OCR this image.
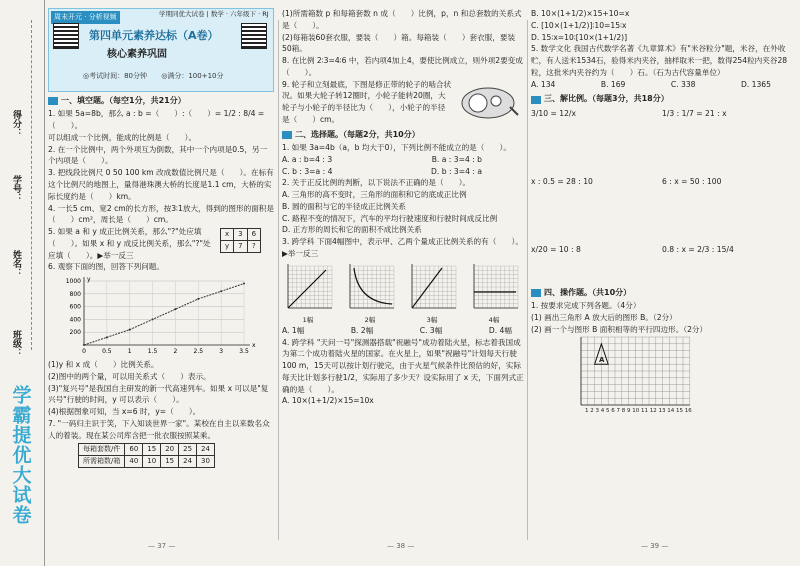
得分：
学号：
姓名：
班级：
学霸提优大试卷
周末开元 · 分析视频	学期同优大试卷 | 数学 · 六年级下 · RJ
第四单元素养达标（A卷）
核心素养巩固
◎考试时间：80分钟 ◎满分：100+10分
一、填空题。（每空1分，共21分）

1. 如果 5a=8b，那么 a : b =（　　）:（　　）= 1/2 : 8/4 = （　　）。

可以组成一个比例，能成的比例是（　　）。

2. 在一个比例中，两个外项互为倒数，其中一个内项是0.5，另一个内项是（　　）。

3. 把线段比例尺 0 50 100 km 改成数值比例尺是（　　）。在标有这个比例尺的地图上，量得港珠澳大桥的长度是1.1 cm，大桥的实际长度约是（　　）km。

4. 一长5 cm、宽2 cm的长方形，按3∶1放大，得到的图形的面积是（　　）cm²，周长是（　　）cm。

5. 如果 a 和 y 成正比例关系，那么"?"处应填（　　）。如果 x 和 y 成反比例关系，那么"?"处应填（　　）。▶举一反三

x	3	6
y	7	?

6. 观察下面的图，回答下列问题。

200
400
600
800
1000
0	0.5	1	1.5	2	2.5	3	3.5
x
y

(1)y 和 x 成（　　）比例关系。

(2)图中的两个量，可以用关系式（　　）表示。

(3)"复兴号"是我国自主研发的新一代高速列车。如果 x 可以是"复兴号"行驶的时间，y 可以表示（　　）。

(4)根据图象可知，当 x=6 时，y=（　　）。

7. "一码归主识于笑，下入知谈世界一家"。某校在自主以来数名众人的着装。现在某公司库含把一批衣服按照某乘。

每箱套数/件	60	15	20	25	24
所需箱数/箱	40	10	15	24	30
— 37 —

(1)所需箱数 p 和每箱套数 n 成（　　）比例，p，n 和总套数的关系式是（　　）。

(2)每箱装60套衣服，要装（　　）箱。每箱装（　　）套衣服，要装50箱。

8. 在比例 2∶3=4∶6 中，若内项4加上4，要使比例成立，则外项2要变成（　　）。

9. 轮子和立刻最底，下图是修正带的轮子的啮合状况。如果大轮子转12圈时，小轮子能转20圈，大轮子与小轮子的半径比为（　　），小轮子的半径是（　　）cm。

二、选择题。（每题2分，共10分）

1. 如果 3a=4b（a，b 均大于0），下列比例不能成立的是（　　）。

A. a : b=4 : 3	B. a : 3=4 : b
C. b : 3=a : 4	D. b : 3=4 : a

2. 关于正反比例的判断，以下说法不正确的是（　　）。

A. 三角形的高不变时，三角形的面积和它的底成正比例

B. 圆的面积与它的半径成正比例关系

C. 路程不变的情况下，汽车的平均行驶速度和行驶时间成反比例

D. 正方形的周长和它的面积不成比例关系

3. 跨学科 下面4幅图中，表示甲、乙两个量成正比例关系的有（　　）。▶举一反三

1幅	2幅	3幅	4幅
A. 1幅	B. 2幅	C. 3幅	D. 4幅

4. 跨学科 "天问一号"探测器搭载"祝融号"成功着陆火星，标志着我国成为第二个成功着陆火星的国家。在火星上，如果"祝融号"计划每天行驶100 m，15天可以按计划行驶完，由于火星气候条件比预估的好，实际每天比计划多行驶1/2，实际用了多少天？设实际用了 x 天，下面列式正确的是（　　）。

A. 10×(1+1/2)×15=10x

— 38 —

B. 10×(1+1/2)×15+10=x

C. [10×(1+1/2)]∶10=15∶x

D. 15∶x=10∶[10×(1+1/2)]

5. 数学文化 我国古代数学名著《九章算术》有"米谷粒分"题，米谷，在外收贮，有人送米1534石，验得米内夹谷，抽样取米一把，数得254粒内夹谷28粒，这批米内夹谷约为（　　）石。（石为古代容量单位）

A. 134	B. 169	C. 338	D. 1365
三、解比例。（每题3分，共18分）
3/10 = 12/x	1/3 : 1/7 = 21 : x
x : 0.5 = 28 : 10	6 : x = 50 : 100
x/20 = 10 : 8	0.8 : x = 2/3 : 15/4
四、操作题。（共10分）

1. 按要求完成下列各题。（4分）

(1) 画出三角形 A 放大后的图形 B。（2分）

(2) 画一个与图形 B 面积相等的平行四边形。（2分）

1 2 3 4 5 6 7 8 9 10 11 12 13 14 15 16
A
— 39 —
